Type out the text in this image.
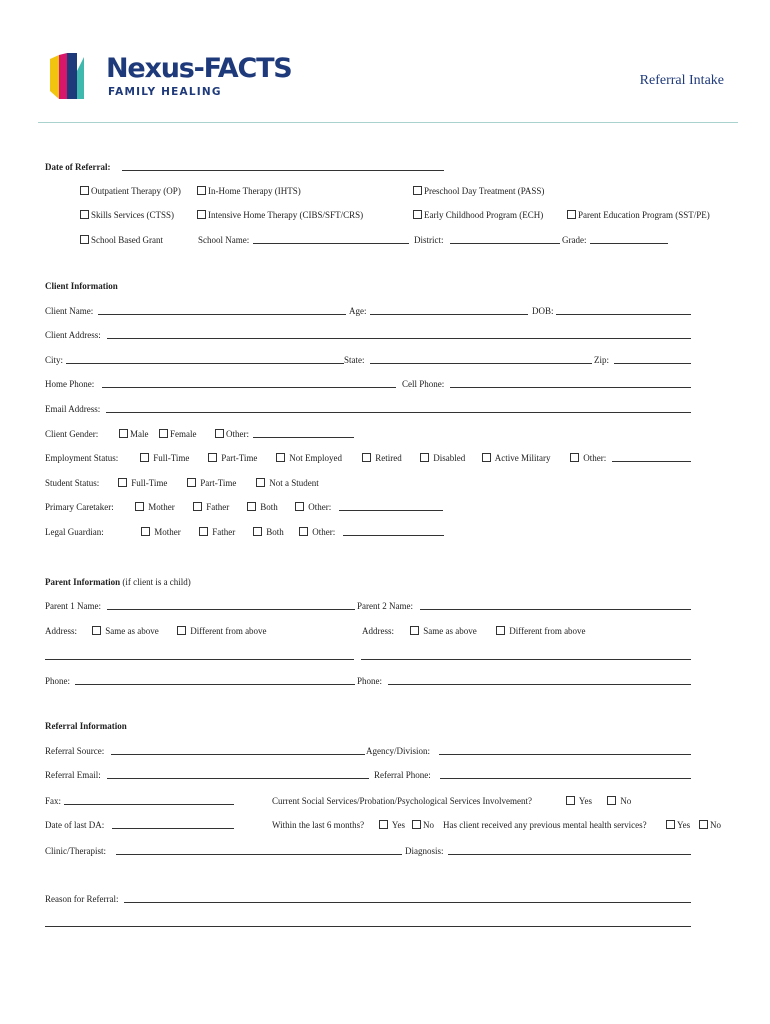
Nexus-FACTS
FAMILY HEALING
Referral Intake
Date of Referral:
Outpatient Therapy (OP)	In-Home Therapy (IHTS)	Preschool Day Treatment (PASS)
Skills Services (CTSS)	Intensive Home Therapy (CIBS/SFT/CRS)	Early Childhood Program (ECH)	Parent Education Program (SST/PE)
School Based Grant	School Name:	District:	Grade:
Client Information
Client Name:	Age:	DOB:
Client Address:
City:	State:	Zip:
Home Phone:	Cell Phone:
Email Address:
Client Gender:	Male	Female	Other:
Employment Status:	Full-Time	Part-Time	Not Employed	Retired	Disabled	Active Military	Other:
Student Status:	Full-Time	Part-Time	Not a Student
Primary Caretaker:	Mother	Father	Both	Other:
Legal Guardian:	Mother	Father	Both	Other:
Parent Information (if client is a child)
Parent 1 Name:	Parent 2 Name:
Address:	Same as above	Different from above	Address:	Same as above	Different from above
Phone:	Phone:
Referral Information
Referral Source:	Agency/Division:
Referral Email:	Referral Phone:
Fax:	Current Social Services/Probation/Psychological Services Involvement?	Yes	No
Date of last DA:	Within the last 6 months?	Yes	No Has client received any previous mental health services?	Yes	No
Clinic/Therapist:	Diagnosis:
Reason for Referral:
